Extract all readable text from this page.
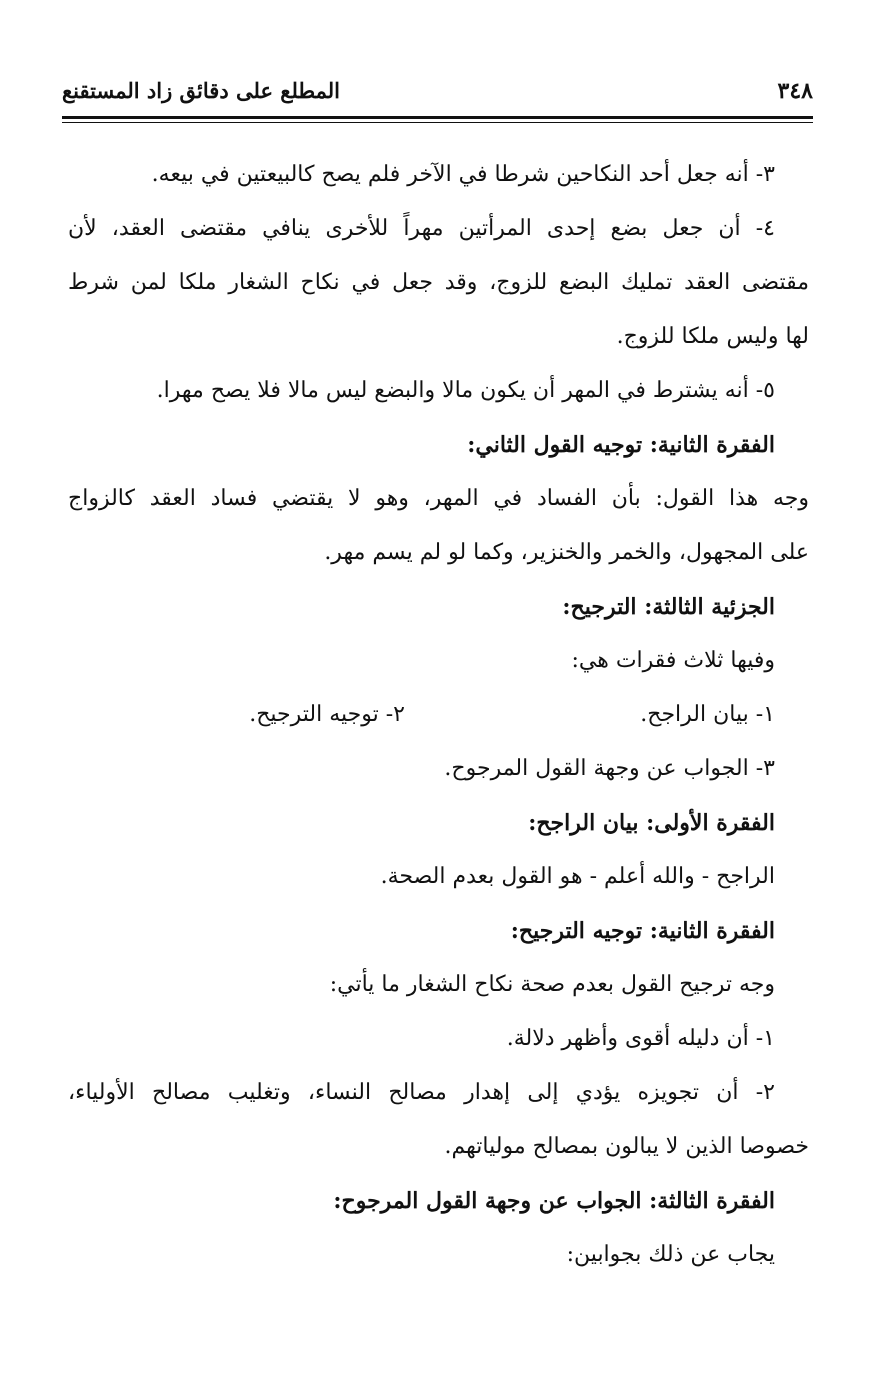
٣٤٨
المطلع على دقائق زاد المستقنع
٣- أنه جعل أحد النكاحين شرطا في الآخر فلم يصح كالبيعتين في بيعه.
٤- أن جعل بضع إحدى المرأتين مهراً للأخرى ينافي مقتضى العقد، لأن
مقتضى العقد تمليك البضع للزوج، وقد جعل في نكاح الشغار ملكا لمن شرط
لها وليس ملكا للزوج.
٥- أنه يشترط في المهر أن يكون مالا والبضع ليس مالا فلا يصح مهرا.
الفقرة الثانية: توجيه القول الثاني:
وجه هذا القول: بأن الفساد في المهر، وهو لا يقتضي فساد العقد كالزواج
على المجهول، والخمر والخنزير، وكما لو لم يسم مهر.
الجزئية الثالثة: الترجيح:
وفيها ثلاث فقرات هي:
١- بيان الراجح.
٢- توجيه الترجيح.
٣- الجواب عن وجهة القول المرجوح.
الفقرة الأولى: بيان الراجح:
الراجح - والله أعلم - هو القول بعدم الصحة.
الفقرة الثانية: توجيه الترجيح:
وجه ترجيح القول بعدم صحة نكاح الشغار ما يأتي:
١- أن دليله أقوى وأظهر دلالة.
٢- أن تجويزه يؤدي إلى إهدار مصالح النساء، وتغليب مصالح الأولياء،
خصوصا الذين لا يبالون بمصالح مولياتهم.
الفقرة الثالثة: الجواب عن وجهة القول المرجوح:
يجاب عن ذلك بجوابين:
